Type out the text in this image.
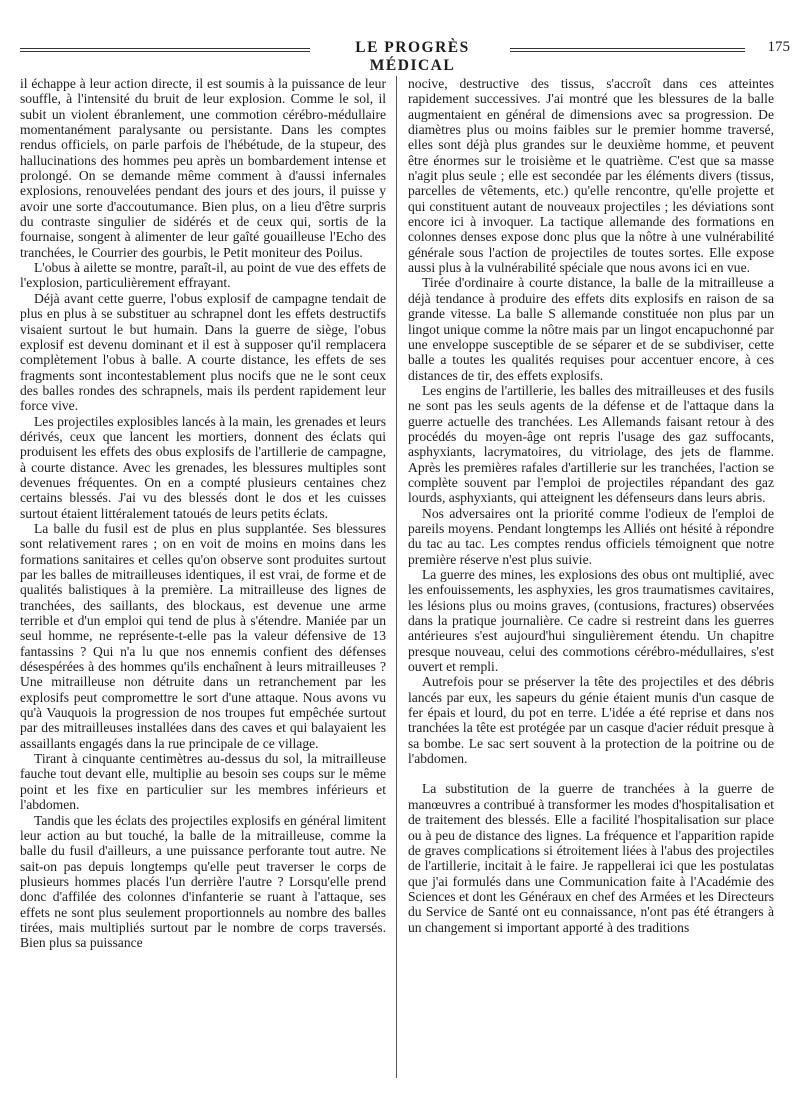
LE PROGRÈS MÉDICAL
175

il échappe à leur action directe, il est soumis à la puissance de leur souffle, à l'intensité du bruit de leur explosion. Comme le sol, il subit un violent ébranlement, une commotion cérébro-médullaire momentanément paralysante ou persistante. Dans les comptes rendus officiels, on parle parfois de l'hébétude, de la stupeur, des hallucinations des hommes peu après un bombardement intense et prolongé. On se demande même comment à d'aussi infernales explosions, renouvelées pendant des jours et des jours, il puisse y avoir une sorte d'accoutumance. Bien plus, on a lieu d'être surpris du contraste singulier de sidérés et de ceux qui, sortis de la fournaise, songent à alimenter de leur gaîté gouailleuse l'Echo des tranchées, le Courrier des gourbis, le Petit moniteur des Poilus.

L'obus à ailette se montre, paraît-il, au point de vue des effets de l'explosion, particulièrement effrayant.

Déjà avant cette guerre, l'obus explosif de campagne tendait de plus en plus à se substituer au schrapnel dont les effets destructifs visaient surtout le but humain. Dans la guerre de siège, l'obus explosif est devenu dominant et il est à supposer qu'il remplacera complètement l'obus à balle. A courte distance, les effets de ses fragments sont incontestablement plus nocifs que ne le sont ceux des balles rondes des schrapnels, mais ils perdent rapidement leur force vive.

Les projectiles explosibles lancés à la main, les grenades et leurs dérivés, ceux que lancent les mortiers, donnent des éclats qui produisent les effets des obus explosifs de l'artillerie de campagne, à courte distance. Avec les grenades, les blessures multiples sont devenues fréquentes. On en a compté plusieurs centaines chez certains blessés. J'ai vu des blessés dont le dos et les cuisses surtout étaient littéralement tatoués de leurs petits éclats.

La balle du fusil est de plus en plus supplantée. Ses blessures sont relativement rares ; on en voit de moins en moins dans les formations sanitaires et celles qu'on observe sont produites surtout par les balles de mitrailleuses identiques, il est vrai, de forme et de qualités balistiques à la première. La mitrailleuse des lignes de tranchées, des saillants, des blockaus, est devenue une arme terrible et d'un emploi qui tend de plus à s'étendre. Maniée par un seul homme, ne représente-t-elle pas la valeur défensive de 13 fantassins ? Qui n'a lu que nos ennemis confient des défenses désespérées à des hommes qu'ils enchaînent à leurs mitrailleuses ? Une mitrailleuse non détruite dans un retranchement par les explosifs peut compromettre le sort d'une attaque. Nous avons vu qu'à Vauquois la progression de nos troupes fut empêchée surtout par des mitrailleuses installées dans des caves et qui balayaient les assaillants engagés dans la rue principale de ce village.

Tirant à cinquante centimètres au-dessus du sol, la mitrailleuse fauche tout devant elle, multiplie au besoin ses coups sur le même point et les fixe en particulier sur les membres inférieurs et l'abdomen.

Tandis que les éclats des projectiles explosifs en général limitent leur action au but touché, la balle de la mitrailleuse, comme la balle du fusil d'ailleurs, a une puissance perforante tout autre. Ne sait-on pas depuis longtemps qu'elle peut traverser le corps de plusieurs hommes placés l'un derrière l'autre ? Lorsqu'elle prend donc d'affilée des colonnes d'infanterie se ruant à l'attaque, ses effets ne sont plus seulement proportionnels au nombre des balles tirées, mais multipliés surtout par le nombre de corps traversés. Bien plus sa puissance

nocive, destructive des tissus, s'accroît dans ces atteintes rapidement successives. J'ai montré que les blessures de la balle augmentaient en général de dimensions avec sa progression. De diamètres plus ou moins faibles sur le premier homme traversé, elles sont déjà plus grandes sur le deuxième homme, et peuvent être énormes sur le troisième et le quatrième. C'est que sa masse n'agit plus seule ; elle est secondée par les éléments divers (tissus, parcelles de vêtements, etc.) qu'elle rencontre, qu'elle projette et qui constituent autant de nouveaux projectiles ; les déviations sont encore ici à invoquer. La tactique allemande des formations en colonnes denses expose donc plus que la nôtre à une vulnérabilité générale sous l'action de projectiles de toutes sortes. Elle expose aussi plus à la vulnérabilité spéciale que nous avons ici en vue.

Tirée d'ordinaire à courte distance, la balle de la mitrailleuse a déjà tendance à produire des effets dits explosifs en raison de sa grande vitesse. La balle S allemande constituée non plus par un lingot unique comme la nôtre mais par un lingot encapuchonné par une enveloppe susceptible de se séparer et de se subdiviser, cette balle a toutes les qualités requises pour accentuer encore, à ces distances de tir, des effets explosifs.

Les engins de l'artillerie, les balles des mitrailleuses et des fusils ne sont pas les seuls agents de la défense et de l'attaque dans la guerre actuelle des tranchées. Les Allemands faisant retour à des procédés du moyen-âge ont repris l'usage des gaz suffocants, asphyxiants, lacrymatoires, du vitriolage, des jets de flamme. Après les premières rafales d'artillerie sur les tranchées, l'action se complète souvent par l'emploi de projectiles répandant des gaz lourds, asphyxiants, qui atteignent les défenseurs dans leurs abris.

Nos adversaires ont la priorité comme l'odieux de l'emploi de pareils moyens. Pendant longtemps les Alliés ont hésité à répondre du tac au tac. Les comptes rendus officiels témoignent que notre première réserve n'est plus suivie.

La guerre des mines, les explosions des obus ont multiplié, avec les enfouissements, les asphyxies, les gros traumatismes cavitaires, les lésions plus ou moins graves, (contusions, fractures) observées dans la pratique journalière. Ce cadre si restreint dans les guerres antérieures s'est aujourd'hui singulièrement étendu. Un chapitre presque nouveau, celui des commotions cérébro-médullaires, s'est ouvert et rempli.

Autrefois pour se préserver la tête des projectiles et des débris lancés par eux, les sapeurs du génie étaient munis d'un casque de fer épais et lourd, du pot en terre. L'idée a été reprise et dans nos tranchées la tête est protégée par un casque d'acier réduit presque à sa bombe. Le sac sert souvent à la protection de la poitrine ou de l'abdomen.

La substitution de la guerre de tranchées à la guerre de manœuvres a contribué à transformer les modes d'hospitalisation et de traitement des blessés. Elle a facilité l'hospitalisation sur place ou à peu de distance des lignes. La fréquence et l'apparition rapide de graves complications si étroitement liées à l'abus des projectiles de l'artillerie, incitait à le faire. Je rappellerai ici que les postulatas que j'ai formulés dans une Communication faite à l'Académie des Sciences et dont les Généraux en chef des Armées et les Directeurs du Service de Santé ont eu connaissance, n'ont pas été étrangers à un changement si important apporté à des traditions
